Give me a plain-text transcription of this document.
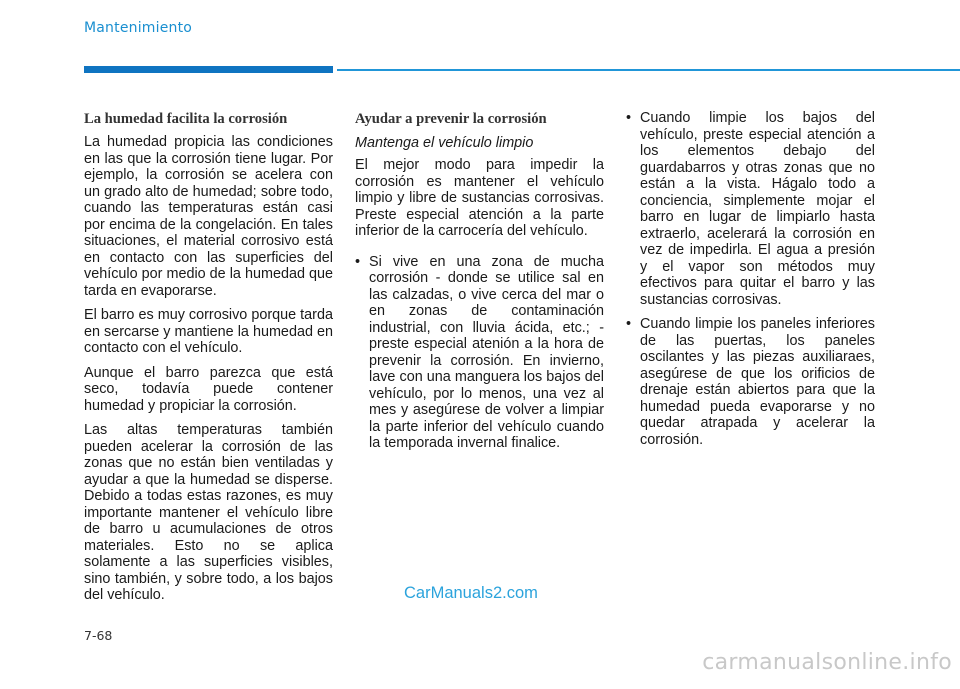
Mantenimiento
La humedad facilita la corrosión

La humedad propicia las condiciones en las que la corrosión tiene lugar. Por ejemplo, la corrosión se acelera con un grado alto de humedad; sobre todo, cuando las temperaturas están casi por encima de la congelación. En tales situaciones, el material corrosivo está en contacto con las superficies del vehículo por medio de la humedad que tarda en evaporarse.

El barro es muy corrosivo porque tarda en sercarse y mantiene la humedad en contacto con el vehículo.

Aunque el barro parezca que está seco, todavía puede contener humedad y propiciar la corrosión.

Las altas temperaturas también pueden acelerar la corrosión de las zonas que no están bien ventiladas y ayudar a que la humedad se disperse. Debido a todas estas razones, es muy importante mantener el vehículo libre de barro u acumulaciones de otros materiales. Esto no se aplica solamente a las superficies visibles, sino también, y sobre todo, a los bajos del vehículo.

Ayudar a prevenir la corrosión
Mantenga el vehículo limpio

El mejor modo para impedir la corrosión es mantener el vehículo limpio y libre de sustancias corrosivas. Preste especial atención a la parte inferior de la carrocería del vehículo.

• Si vive en una zona de mucha corrosión - donde se utilice sal en las calzadas, o vive cerca del mar o en zonas de contaminación industrial, con lluvia ácida, etc.; - preste especial atenión a la hora de prevenir la corrosión. En invierno, lave con una manguera los bajos del vehículo, por lo menos, una vez al mes y asegúrese de volver a limpiar la parte inferior del vehículo cuando la temporada invernal finalice.
• Cuando limpie los bajos del vehículo, preste especial atención a los elementos debajo del guardabarros y otras zonas que no están a la vista. Hágalo todo a conciencia, simplemente mojar el barro en lugar de limpiarlo hasta extraerlo, acelerará la corrosión en vez de impedirla. El agua a presión y el vapor son métodos muy efectivos para quitar el barro y las sustancias corrosivas.
• Cuando limpie los paneles inferiores de las puertas, los paneles oscilantes y las piezas auxiliaraes, asegúrese de que los orificios de drenaje están abiertos para que la humedad pueda evaporarse y no quedar atrapada y acelerar la corrosión.
CarManuals2.com
7-68
carmanualsonline.info
